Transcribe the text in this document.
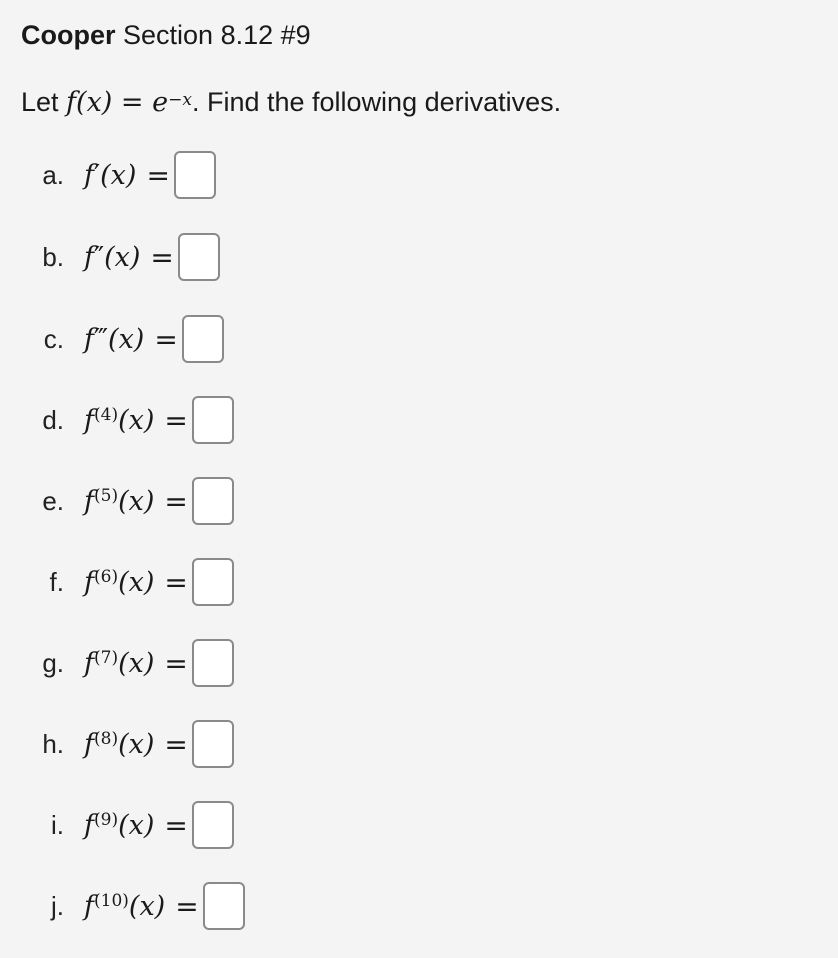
Cooper Section 8.12 #9
Let $f(x) = e^{-x}$. Find the following derivatives.
a. f′(x) =
b. f″(x) =
c. f‴(x) =
d. $f^{(4)}(x)$ =
e. $f^{(5)}(x)$ =
f. $f^{(6)}(x)$ =
g. $f^{(7)}(x)$ =
h. $f^{(8)}(x)$ =
i. $f^{(9)}(x)$ =
j. $f^{(10)}(x)$ =
